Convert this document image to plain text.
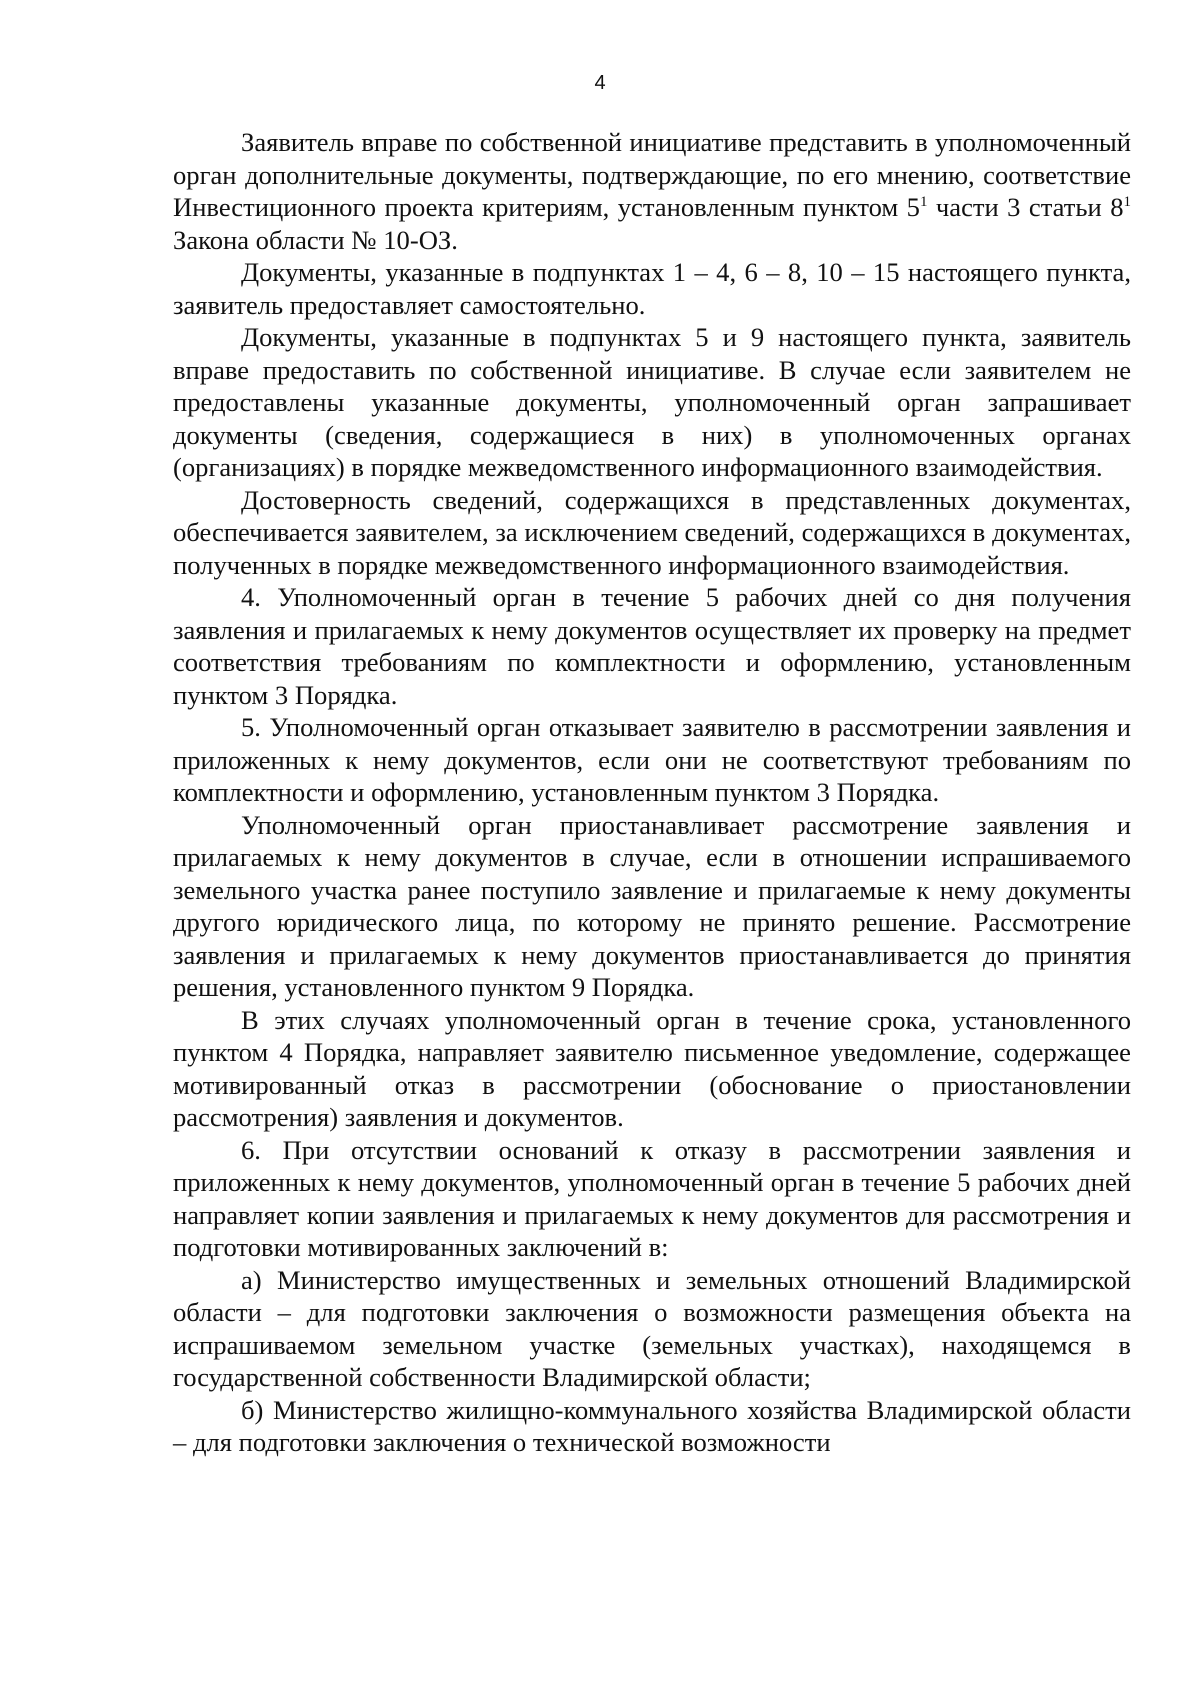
4

Заявитель вправе по собственной инициативе представить в уполномоченный орган дополнительные документы, подтверждающие, по его мнению, соответствие Инвестиционного проекта критериям, установленным пунктом $5^1$ части 3 статьи $8^1$ Закона области № 10-ОЗ.

Документы, указанные в подпунктах 1 – 4, 6 – 8, 10 – 15 настоящего пункта, заявитель предоставляет самостоятельно.

Документы, указанные в подпунктах 5 и 9 настоящего пункта, заявитель вправе предоставить по собственной инициативе. В случае если заявителем не предоставлены указанные документы, уполномоченный орган запрашивает документы (сведения, содержащиеся в них) в уполномоченных органах (организациях) в порядке межведомственного информационного взаимодействия.

Достоверность сведений, содержащихся в представленных документах, обеспечивается заявителем, за исключением сведений, содержащихся в документах, полученных в порядке межведомственного информационного взаимодействия.

4. Уполномоченный орган в течение 5 рабочих дней со дня получения заявления и прилагаемых к нему документов осуществляет их проверку на предмет соответствия требованиям по комплектности и оформлению, установленным пунктом 3 Порядка.

5. Уполномоченный орган отказывает заявителю в рассмотрении заявления и приложенных к нему документов, если они не соответствуют требованиям по комплектности и оформлению, установленным пунктом 3 Порядка.

Уполномоченный орган приостанавливает рассмотрение заявления и прилагаемых к нему документов в случае, если в отношении испрашиваемого земельного участка ранее поступило заявление и прилагаемые к нему документы другого юридического лица, по которому не принято решение. Рассмотрение заявления и прилагаемых к нему документов приостанавливается до принятия решения, установленного пунктом 9 Порядка.

В этих случаях уполномоченный орган в течение срока, установленного пунктом 4 Порядка, направляет заявителю письменное уведомление, содержащее мотивированный отказ в рассмотрении (обоснование о приостановлении рассмотрения) заявления и документов.

6. При отсутствии оснований к отказу в рассмотрении заявления и приложенных к нему документов, уполномоченный орган в течение 5 рабочих дней направляет копии заявления и прилагаемых к нему документов для рассмотрения и подготовки мотивированных заключений в:

а) Министерство имущественных и земельных отношений Владимирской области – для подготовки заключения о возможности размещения объекта на испрашиваемом земельном участке (земельных участках), находящемся в государственной собственности Владимирской области;

б) Министерство жилищно-коммунального хозяйства Владимирской области – для подготовки заключения о технической возможности
